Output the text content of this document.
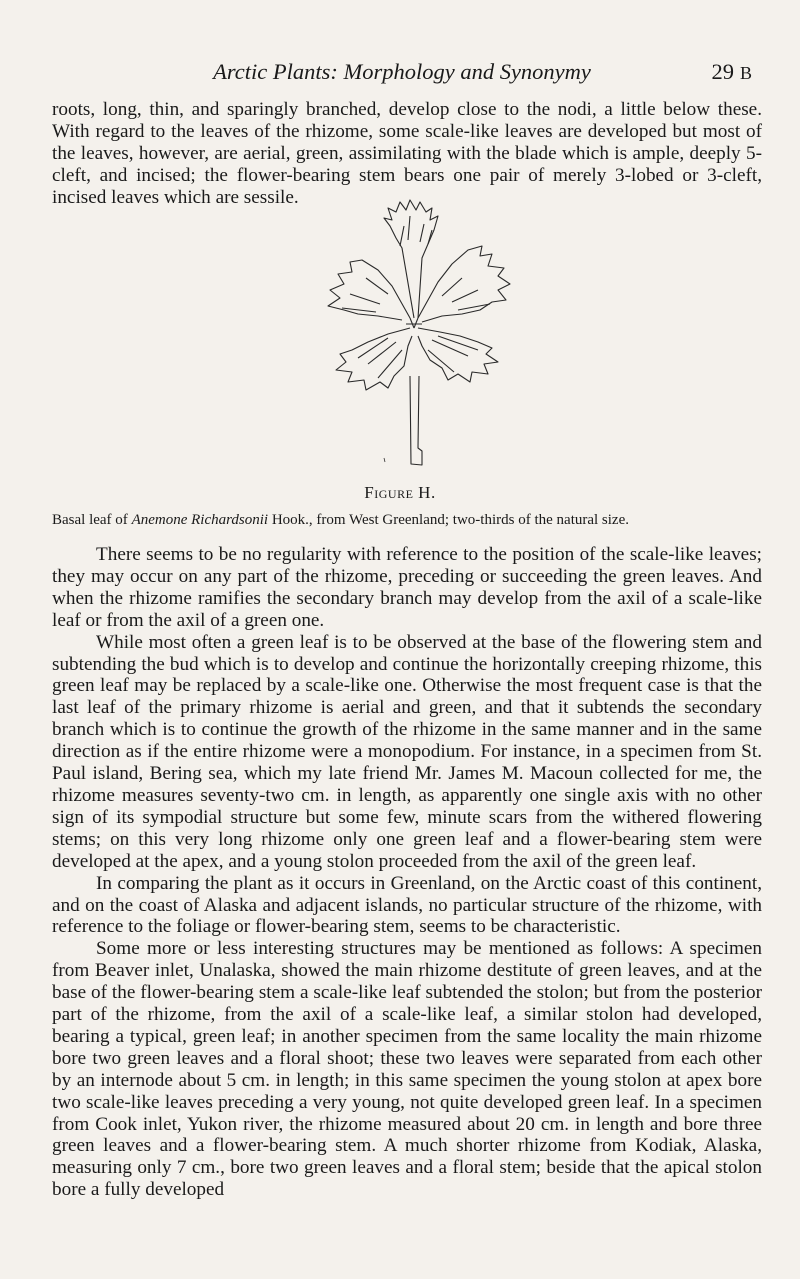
Arctic Plants: Morphology and Synonymy	29 B

roots, long, thin, and sparingly branched, develop close to the nodi, a little below these. With regard to the leaves of the rhizome, some scale-like leaves are developed but most of the leaves, however, are aerial, green, assimilating with the blade which is ample, deeply 5-cleft, and incised; the flower-bearing stem bears one pair of merely 3-lobed or 3-cleft, incised leaves which are sessile.

Figure H.
Basal leaf of Anemone Richardsonii Hook., from West Greenland; two-thirds of the natural size.

There seems to be no regularity with reference to the position of the scale-like leaves; they may occur on any part of the rhizome, preceding or succeeding the green leaves. And when the rhizome ramifies the secondary branch may develop from the axil of a scale-like leaf or from the axil of a green one.

While most often a green leaf is to be observed at the base of the flowering stem and subtending the bud which is to develop and continue the horizontally creeping rhizome, this green leaf may be replaced by a scale-like one. Otherwise the most frequent case is that the last leaf of the primary rhizome is aerial and green, and that it subtends the secondary branch which is to continue the growth of the rhizome in the same manner and in the same direction as if the entire rhizome were a monopodium. For instance, in a specimen from St. Paul island, Bering sea, which my late friend Mr. James M. Macoun collected for me, the rhizome measures seventy-two cm. in length, as apparently one single axis with no other sign of its sympodial structure but some few, minute scars from the withered flowering stems; on this very long rhizome only one green leaf and a flower-bearing stem were developed at the apex, and a young stolon proceeded from the axil of the green leaf.

In comparing the plant as it occurs in Greenland, on the Arctic coast of this continent, and on the coast of Alaska and adjacent islands, no particular structure of the rhizome, with reference to the foliage or flower-bearing stem, seems to be characteristic.

Some more or less interesting structures may be mentioned as follows: A specimen from Beaver inlet, Unalaska, showed the main rhizome destitute of green leaves, and at the base of the flower-bearing stem a scale-like leaf subtended the stolon; but from the posterior part of the rhizome, from the axil of a scale-like leaf, a similar stolon had developed, bearing a typical, green leaf; in another specimen from the same locality the main rhizome bore two green leaves and a floral shoot; these two leaves were separated from each other by an internode about 5 cm. in length; in this same specimen the young stolon at apex bore two scale-like leaves preceding a very young, not quite developed green leaf. In a specimen from Cook inlet, Yukon river, the rhizome measured about 20 cm. in length and bore three green leaves and a flower-bearing stem. A much shorter rhizome from Kodiak, Alaska, measuring only 7 cm., bore two green leaves and a floral stem; beside that the apical stolon bore a fully developed
